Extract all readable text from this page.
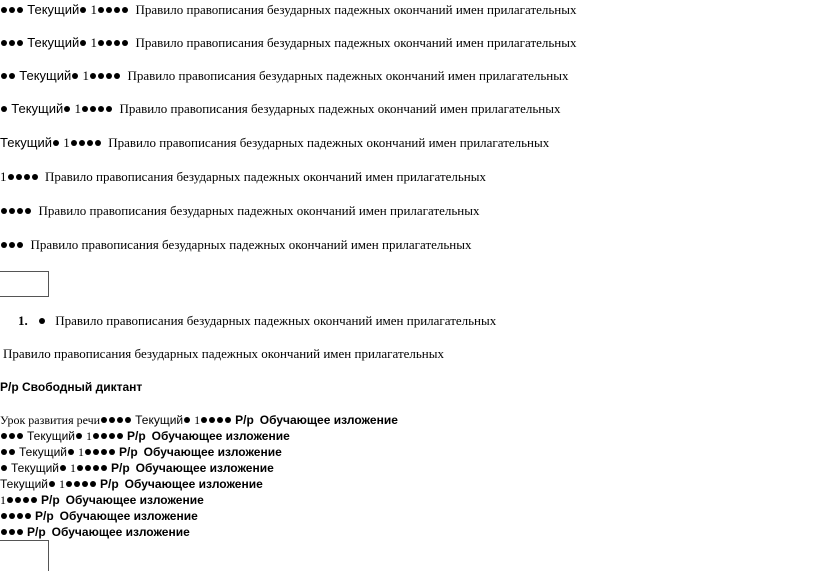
Текущий 1	Правило правописания безударных падежных окончаний имен прилагательных
Текущий 1	Правило правописания безударных падежных окончаний имен прилагательных
Текущий 1	Правило правописания безударных падежных окончаний имен прилагательных
Текущий 1	Правило правописания безударных падежных окончаний имен прилагательных
Текущий 1	Правило правописания безударных падежных окончаний имен прилагательных
1	Правило правописания безударных падежных окончаний имен прилагательных
Правило правописания безударных падежных окончаний имен прилагательных
Правило правописания безударных падежных окончаний имен прилагательных
1. Правило правописания безударных падежных окончаний имен прилагательных
Правило правописания безударных падежных окончаний имен прилагательных
Р/р Свободный диктант
Урок развития речи	Текущий 1	Р/р Обучающее изложение
Текущий 1	Р/р Обучающее изложение
Текущий 1	Р/р Обучающее изложение
Текущий 1	Р/р Обучающее изложение
Текущий 1	Р/р Обучающее изложение
1	Р/р Обучающее изложение
Р/р Обучающее изложение
Р/р Обучающее изложение
